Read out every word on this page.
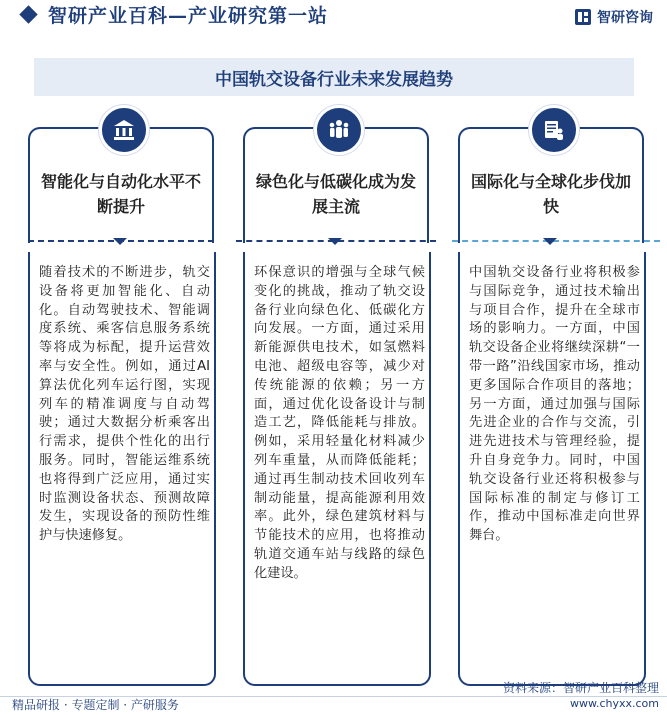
智研产业百科—产业研究第一站	智研咨询
中国轨交设备行业未来发展趋势
智能化与自动化水平不断提升
随着技术的不断进步，轨交设备将更加智能化、自动化。自动驾驶技术、智能调度系统、乘客信息服务系统等将成为标配，提升运营效率与安全性。例如，通过AI算法优化列车运行图，实现列车的精准调度与自动驾驶；通过大数据分析乘客出行需求，提供个性化的出行服务。同时，智能运维系统也将得到广泛应用，通过实时监测设备状态、预测故障发生，实现设备的预防性维护与快速修复。
绿色化与低碳化成为发展主流
环保意识的增强与全球气候变化的挑战，推动了轨交设备行业向绿色化、低碳化方向发展。一方面，通过采用新能源供电技术，如氢燃料电池、超级电容等，减少对传统能源的依赖；另一方面，通过优化设备设计与制造工艺，降低能耗与排放。例如，采用轻量化材料减少列车重量，从而降低能耗；通过再生制动技术回收列车制动能量，提高能源利用效率。此外，绿色建筑材料与节能技术的应用，也将推动轨道交通车站与线路的绿色化建设。
国际化与全球化步伐加快
中国轨交设备行业将积极参与国际竞争，通过技术输出与项目合作，提升在全球市场的影响力。一方面，中国轨交设备企业将继续深耕“一带一路”沿线国家市场，推动更多国际合作项目的落地；另一方面，通过加强与国际先进企业的合作与交流，引进先进技术与管理经验，提升自身竞争力。同时，中国轨交设备行业还将积极参与国际标准的制定与修订工作，推动中国标准走向世界舞台。
资料来源：智研产业百科整理
精品研报 · 专题定制 · 产研服务	www.chyxx.com
